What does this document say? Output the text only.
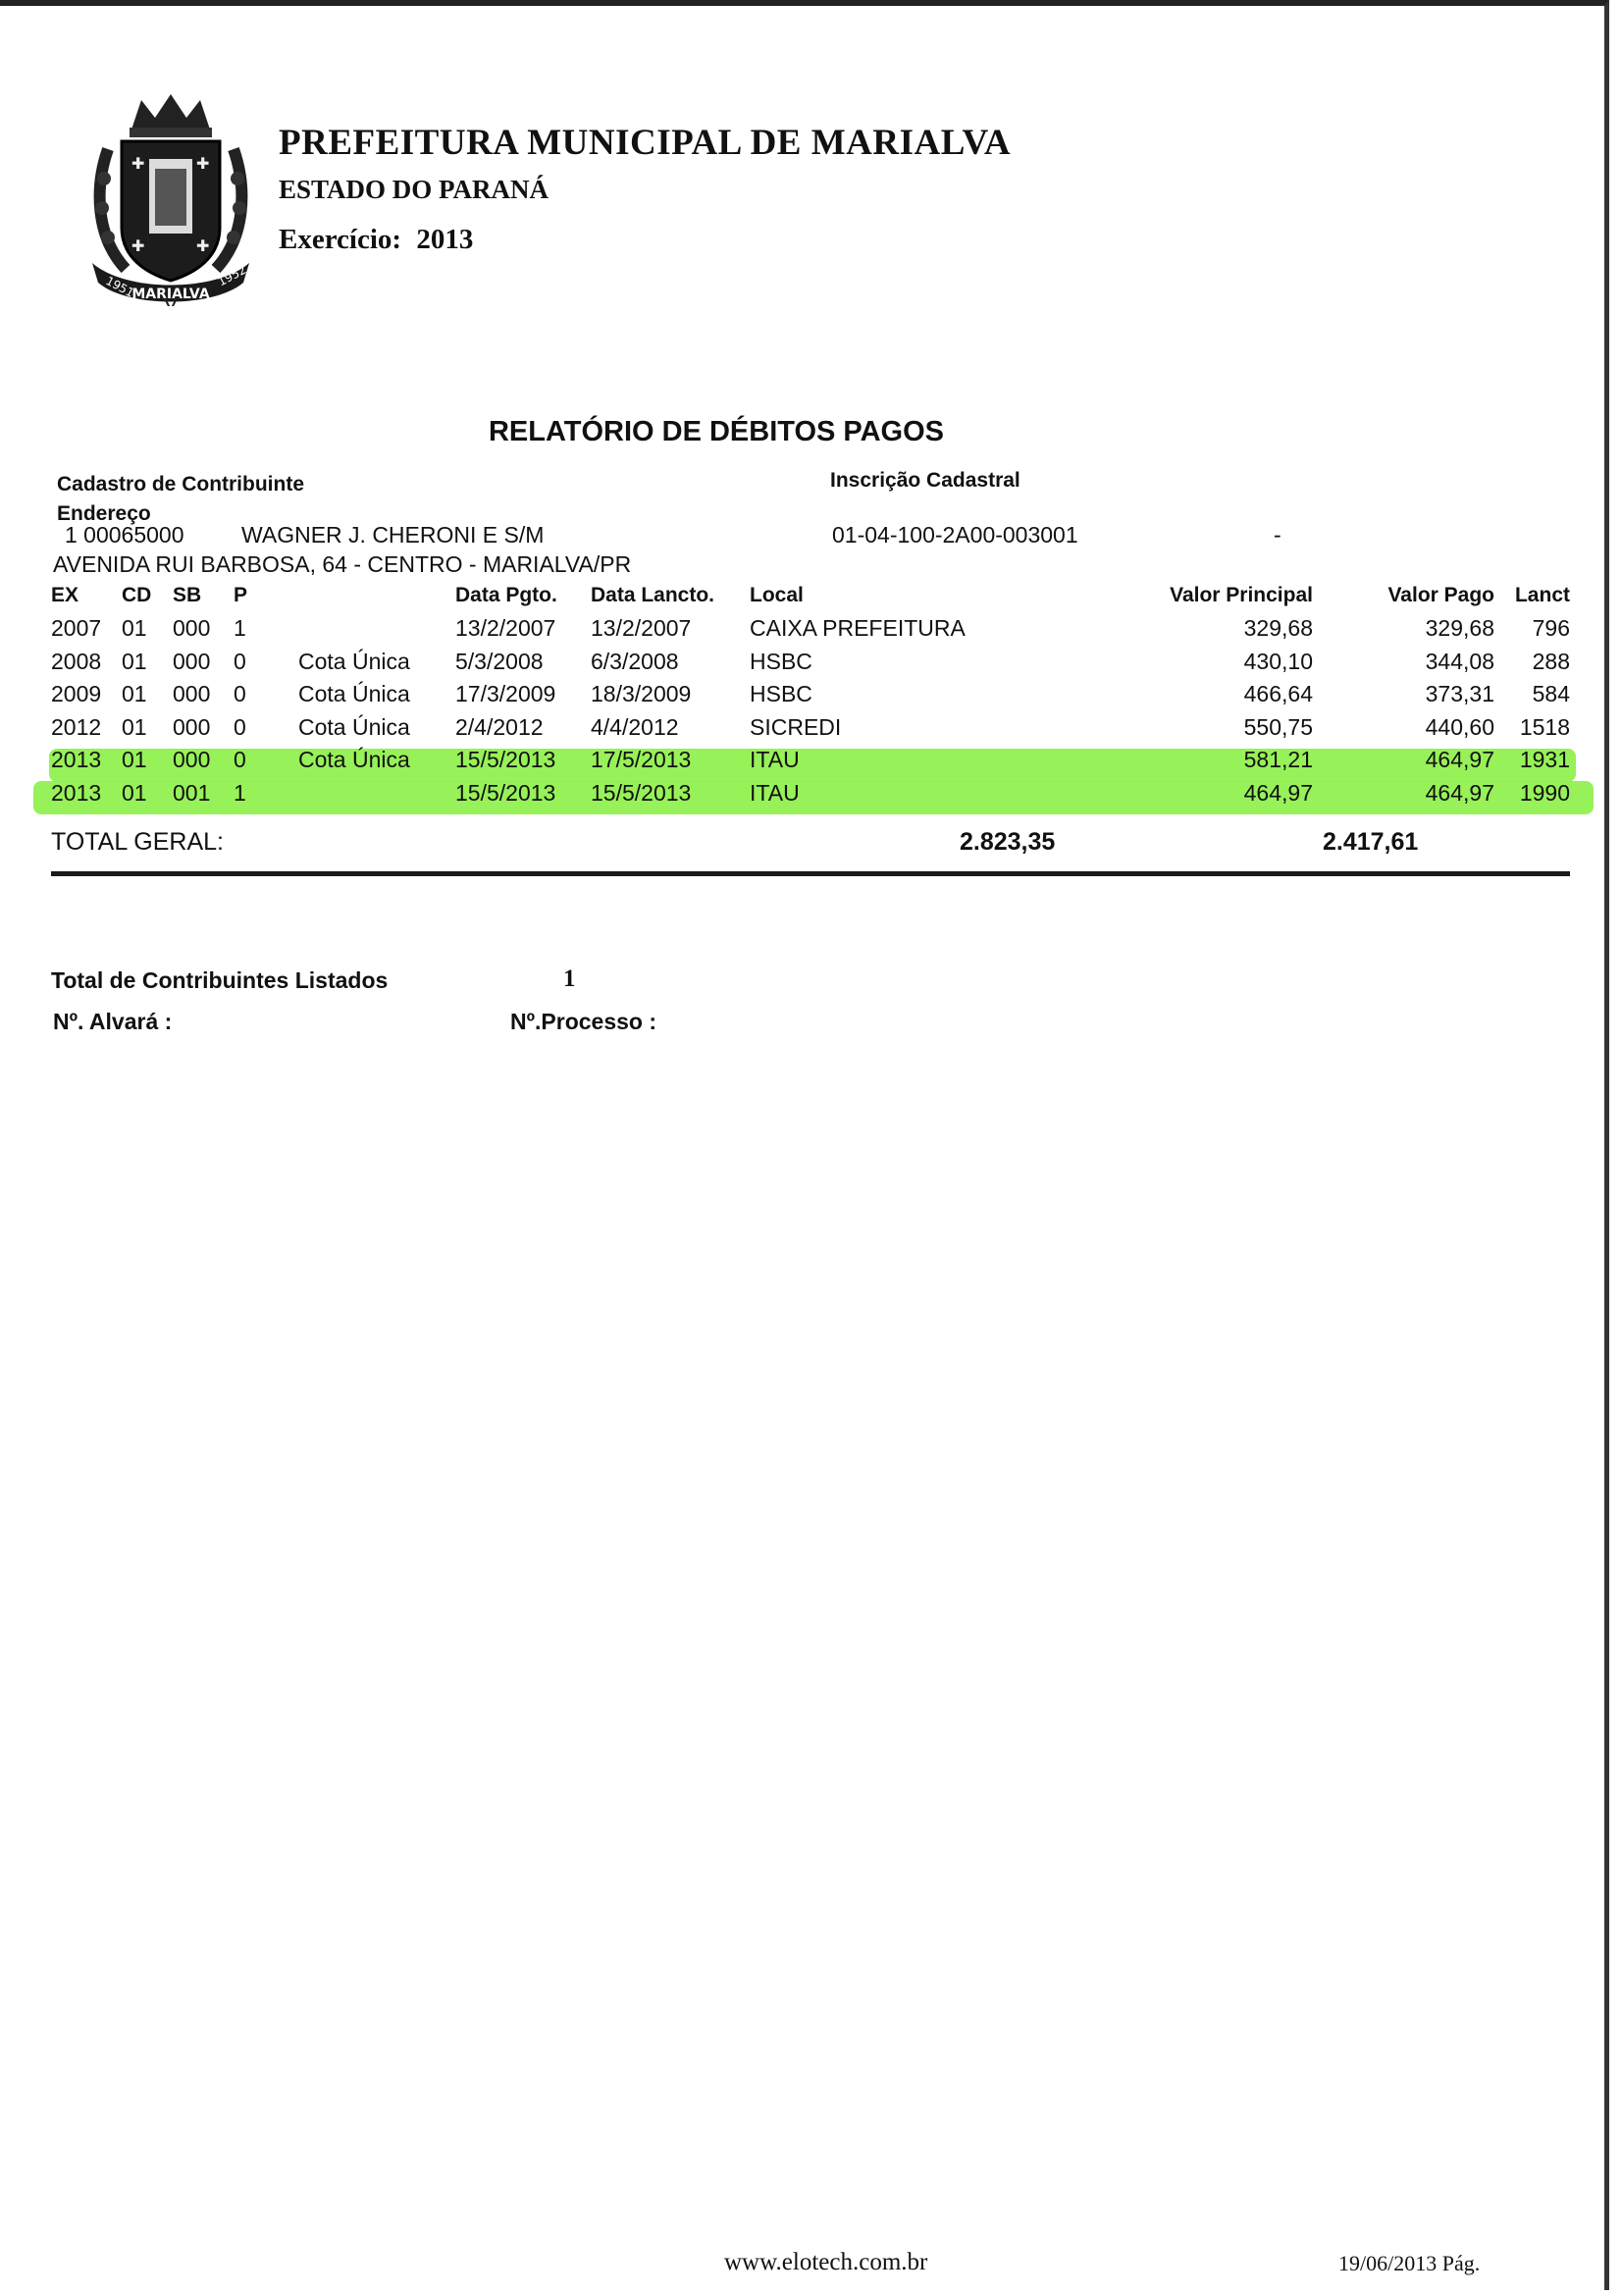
✚	✚
✚	✚
1951
MARIALVA
1952
PREFEITURA MUNICIPAL DE MARIALVA
ESTADO DO PARANÁ
Exercício: 2013
RELATÓRIO DE DÉBITOS PAGOS
Cadastro de Contribuinte	Inscrição Cadastral
Endereço
1 00065000	WAGNER J. CHERONI E S/M	01-04-100-2A00-003001	-
AVENIDA RUI BARBOSA, 64 - CENTRO - MARIALVA/PR
EX	CD	SB	P		Data Pgto.	Data Lancto.	Local	Valor Principal	Valor Pago	Lanct
2007	01	000	1		13/2/2007	13/2/2007	CAIXA PREFEITURA	329,68	329,68	796
2008	01	000	0	Cota Única	5/3/2008	6/3/2008	HSBC	430,10	344,08	288
2009	01	000	0	Cota Única	17/3/2009	18/3/2009	HSBC	466,64	373,31	584
2012	01	000	0	Cota Única	2/4/2012	4/4/2012	SICREDI	550,75	440,60	1518
2013	01	000	0	Cota Única	15/5/2013	17/5/2013	ITAU	581,21	464,97	1931
2013	01	001	1		15/5/2013	15/5/2013	ITAU	464,97	464,97	1990
TOTAL GERAL:	2.823,35	2.417,61
Total de Contribuintes Listados	1
Nº. Alvará :	Nº.Processo :
www.elotech.com.br	19/06/2013 Pág.
